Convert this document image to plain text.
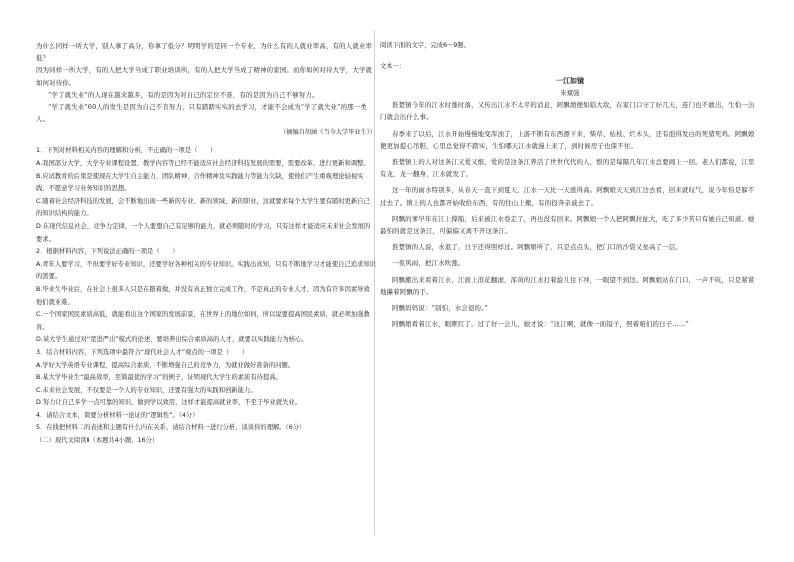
为什么同样一所大学，别人拿了高分，你拿了低分？明明学的是同一个专业，为什么有的人就业率高，有的人就业率低？

因为同样一所大学，有的人把大学当成了职业培训所，有的人把大学当成了精神的家园。而你如何对待大学，大学就如何对待你。

“学了就失业”的人现在越来越多，有的是因为对自己的定位不准，有的是因为自己不够努力。

“学了就失业”60人的发生是因为自己不肯努力，只有踏踏实实的去学习，才能不会成为“学了就失业”的那一类人。

（摘编自胡涵《当今大学毕业生》）

1．下列对材料相关内容的理解和分析，不正确的一项是（　　）

A.我国部分大学，大学专业课程设置、教学内容等已经不能适应社会经济科技发展的需要，需要改革，进行更新和调整。

B.应试教育的后果是使现在大学生自主能力、团队精神、合作精神及实践能力等能力欠缺，使他们产生重视理论轻视实践、不愿意学习业务知识的思想。

C.随着社会经济科技的发展，会不断地出现一些新的专业、新的领域、新的职业，这就要求每个大学生要有随时更新自己的知识结构的能力。

D.在现代信息社会，竞争力定律，一个人要想自己有足够的能力，就必须随时的学习，只有这样才能适应未来社会发展的要求。

2．根据材料内容，下列说法正确的一项是（　　）

A.青年人要学习，不但要学好专业知识，还要学好各种相关的专业知识。实践出真知，只有不断地学习才能使自己追求知识的需要。

B.毕业生毕业后，在社会上很多人只是在跟着做，并没有真正独立完成工作，不是真正的专业人才，因为有许多因素导致他们就业难。

C.一个国家国民素质高低，就能看出这个国家的发展前景，在世界上的地位如何，所以说要提高国民素质，就必须加强教育。

D.某大学生通过对“宽进严出”模式的论述，要培养出综合素质高的人才，就要以实践能力为核心。

3．结合材料内容，下列选项中最符合“现代社会人才”观点的一项是（　　）

A.学好大学英语专业课程，提高综合素质，不断增强自己的竞争力，为就业做好准备的问题。

B.某大学毕业生“最高效率，至简最优的学习”的例子，证明现代大学生的素质有待提高。

C.未来社会发展，不仅要是一个人的专业知识，还要有强大的实践和创新能力。

D.努力让自己多学一点可靠的知识，做到学以致用，这样才能提高就业率，不至于毕业就失业。

4．请结合文本，简要分析材料一论证的“逻辑性”。（4分）

5．在线把材料二的表述和主题有什么内在关系，请结合材料一进行分析，谈谈你的理解。（6分）

（二）现代文阅读Ⅱ（本题共4小题，16分）

阅读下面的文字，完成6～9题。

文本一：

一江如镜

朱斌强

淮楚镇今年的江水时涨时落，又传出江水不太平的消息，阿飘娘便如临大敌，在家门口守了好几天，连门也不敢出，生怕一出门就会出什么事。

春季来了以后，江水开始慢慢地变浑浊了，上游不断有东西漂下来，柴草、枯枝、烂木头，还有泡得发白的死猪死鸡。阿飘娘便更加提心吊胆，心里总觉得不踏实，生怕哪天江水就漫上来了，到时候房子也保不住。

淮楚镇上的人对这条江又爱又恨，爱的是这条江养活了世世代代的人，恨的是每隔几年江水总要闹上一回。老人们都说，江里有龙，龙一翻身，江水就发了。

这一年的雨水特别多，从春天一直下到夏天，江水一天比一天涨得高。阿飘娘天天到江边去看，回来就叹气，说今年怕是躲不过去了。镇上的人也都开始收拾东西，有的往山上搬，有的投奔亲戚去了。

阿飘的爹早年在江上撑船，后来被江水卷走了，再也没有回来。阿飘娘一个人把阿飘拉扯大，吃了多少苦只有她自己知道。她最怕的就是这条江，可偏偏又离不开这条江。

淮楚镇的人说，水退了，日子还得照样过。阿飘娘听了，只是点点头，把门口的沙袋又垒高了一层。

一夜风雨，把江水吹涨。

阿飘搬出来看着江水，江面上浪花翻滚，浑黄的江水打着旋儿往下冲，一眼望不到边。阿飘娘站在门口，一声不吭，只是紧紧地攥着阿飘的手。

阿飘妈妈说：“别怕，水会退的。”

阿飘娘看着江水，眼眶红了。过了好一会儿，她才说：“这江啊，就像一面镜子，照着咱们的日子……”
